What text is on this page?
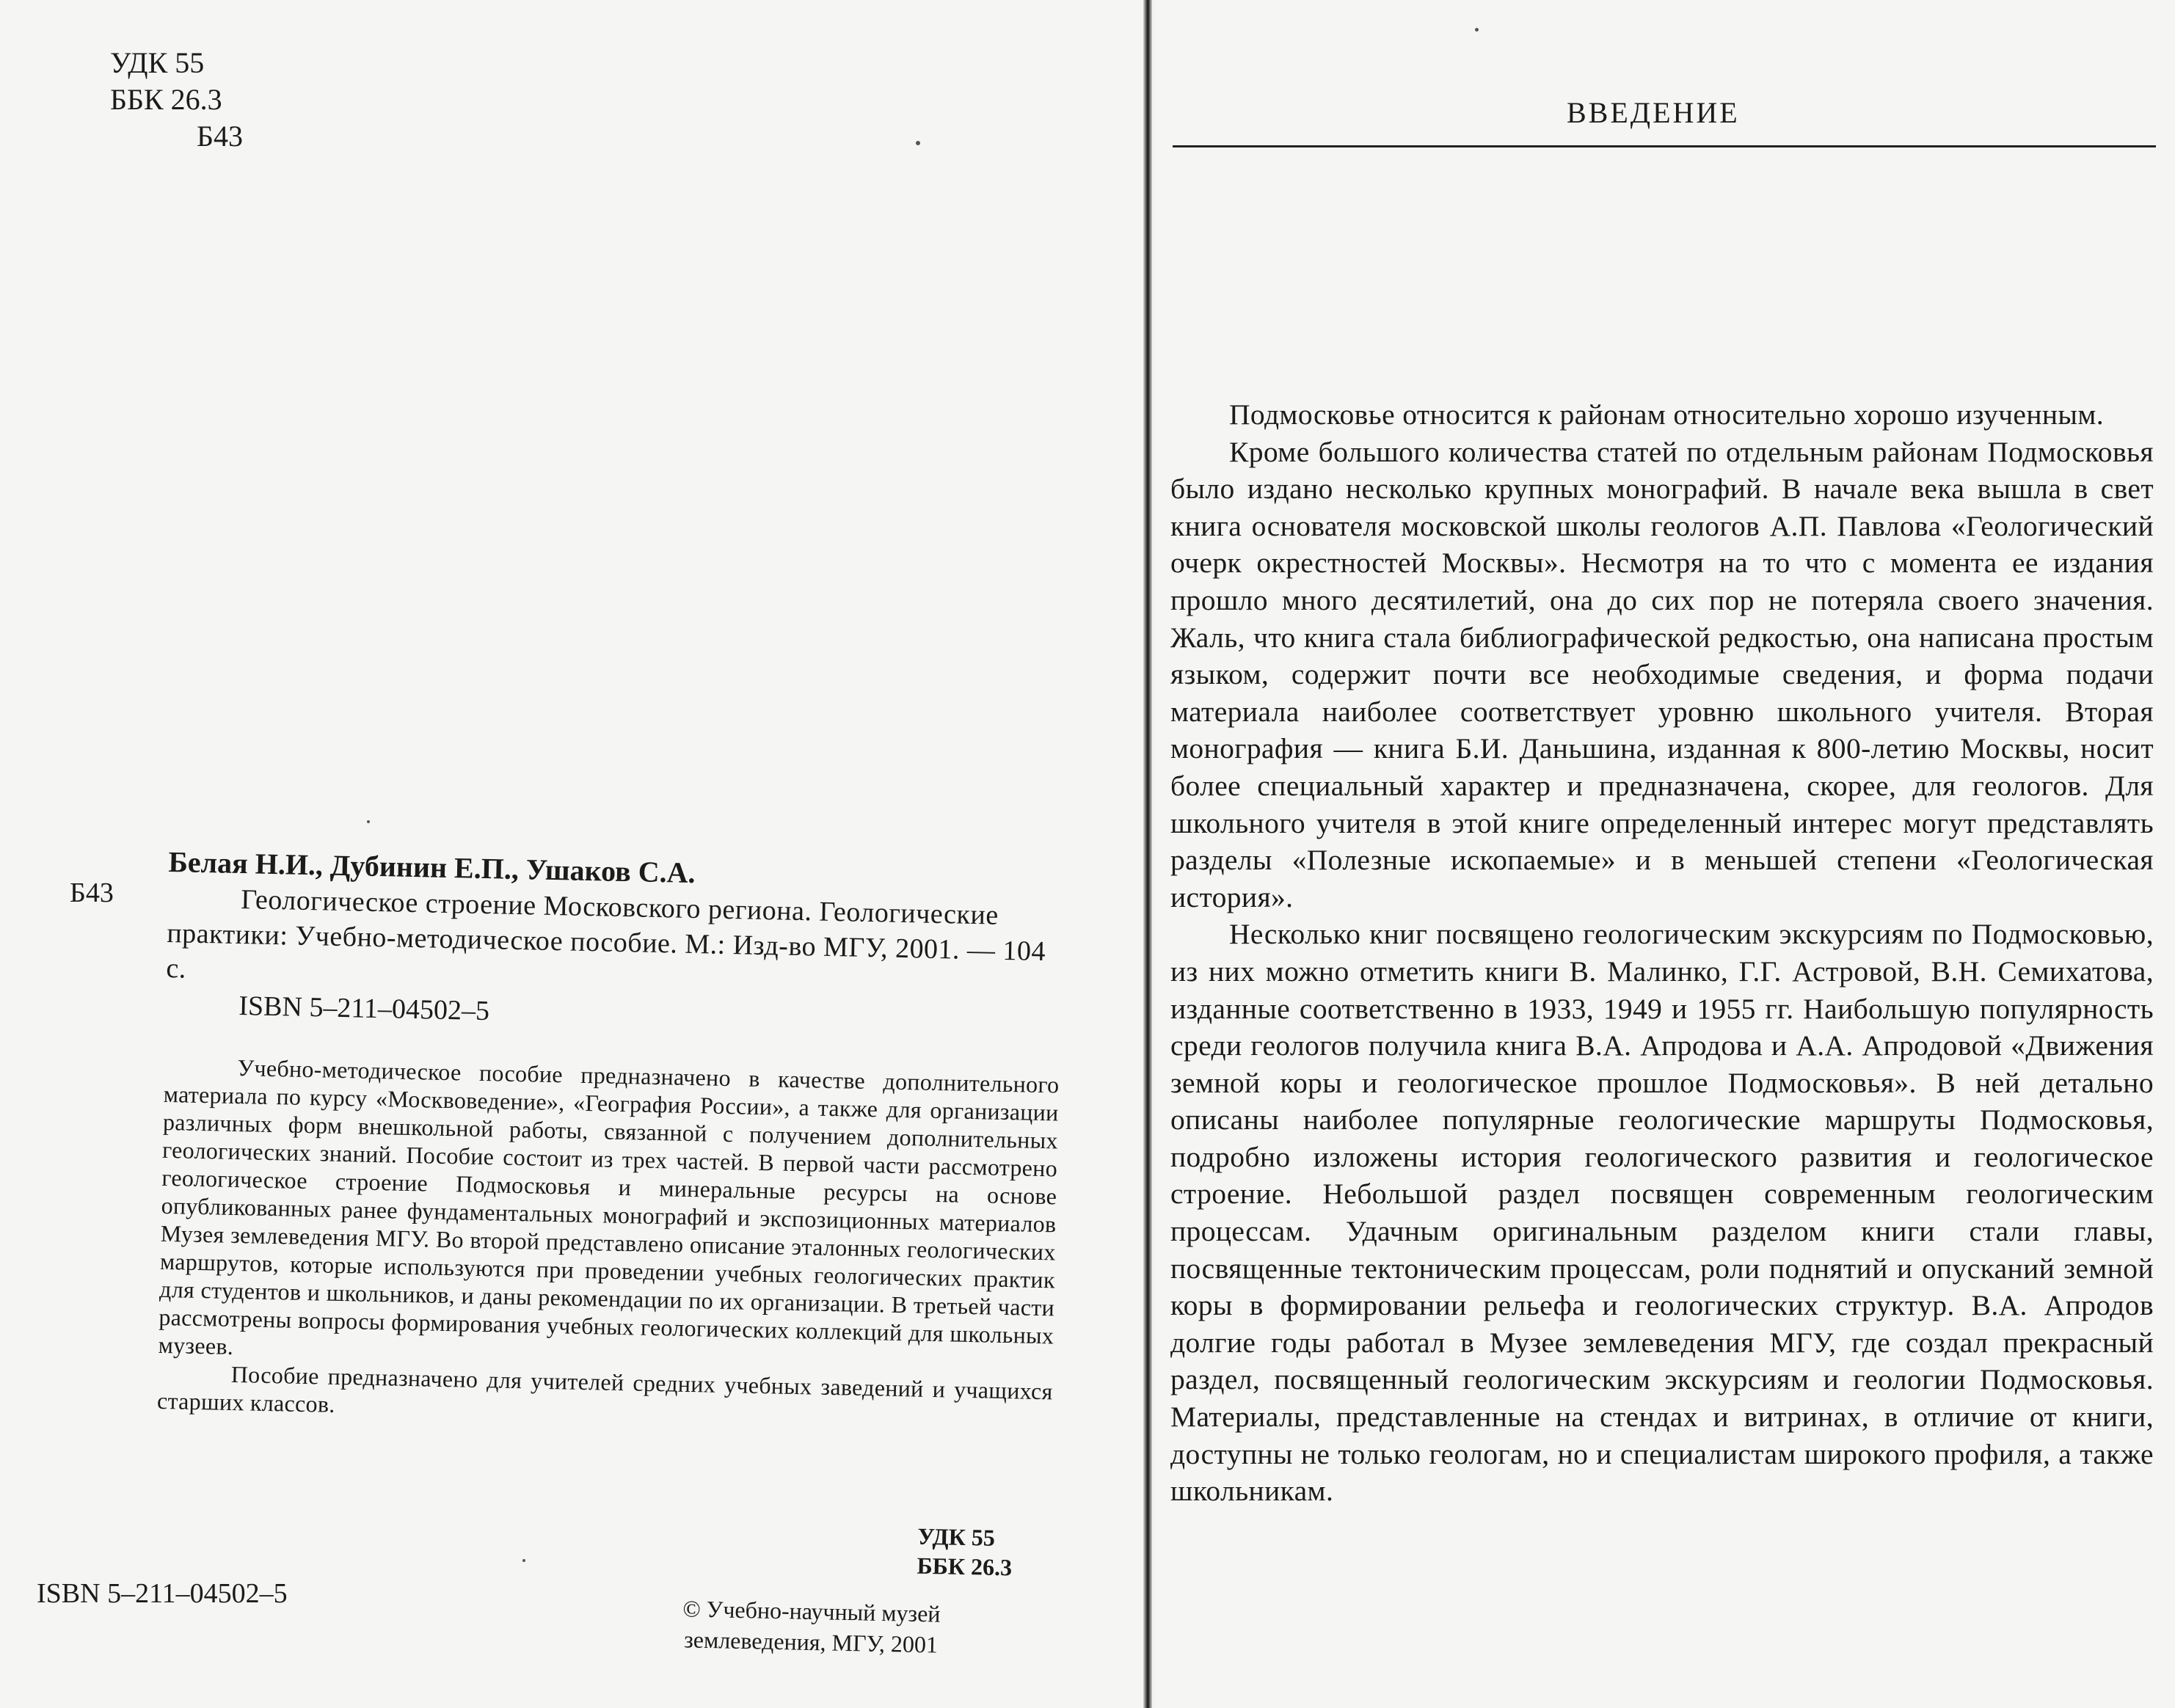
УДК 55
ББК 26.3
Б43
Б43

Белая Н.И., Дубинин Е.П., Ушаков С.А.

Геологическое строение Московского региона. Геологические практики: Учебно-методическое пособие. М.: Изд-во МГУ, 2001. — 104 с.

ISBN 5–211–04502–5

Учебно-методическое пособие предназначено в качестве дополнительного материала по курсу «Москвоведение», «География России», а также для организации различных форм внешкольной работы, связанной с получением дополнительных геологических знаний. Пособие состоит из трех частей. В первой части рассмотрено геологическое строение Подмосковья и минеральные ресурсы на основе опубликованных ранее фундаментальных монографий и экспозиционных материалов Музея землеведения МГУ. Во второй представлено описание эталонных геологических маршрутов, которые используются при проведении учебных геологических практик для студентов и школьников, и даны рекомендации по их организации. В третьей части рассмотрены вопросы формирования учебных геологических коллекций для школьных музеев.

Пособие предназначено для учителей средних учебных заведений и учащихся старших классов.

УДК 55
ББК 26.3
ISBN 5–211–04502–5
© Учебно-научный музей
землеведения, МГУ, 2001
ВВЕДЕНИЕ

Подмосковье относится к районам относительно хорошо изученным.

Кроме большого количества статей по отдельным районам Подмосковья было издано несколько крупных монографий. В начале века вышла в свет книга основателя московской школы геологов А.П. Павлова «Геологический очерк окрестностей Москвы». Несмотря на то что с момента ее издания прошло много десятилетий, она до сих пор не потеряла своего значения. Жаль, что книга стала библиографической редкостью, она написана простым языком, содержит почти все необходимые сведения, и форма подачи материала наиболее соответствует уровню школьного учителя. Вторая монография — книга Б.И. Даньшина, изданная к 800-летию Москвы, носит более специальный характер и предназначена, скорее, для геологов. Для школьного учителя в этой книге определенный интерес могут представлять разделы «Полезные ископаемые» и в меньшей степени «Геологическая история».

Несколько книг посвящено геологическим экскурсиям по Подмосковью, из них можно отметить книги В. Малинко, Г.Г. Астровой, В.Н. Семихатова, изданные соответственно в 1933, 1949 и 1955 гг. Наибольшую популярность среди геологов получила книга В.А. Апродова и А.А. Апродовой «Движения земной коры и геологическое прошлое Подмосковья». В ней детально описаны наиболее популярные геологические маршруты Подмосковья, подробно изложены история геологического развития и геологическое строение. Небольшой раздел посвящен современным геологическим процессам. Удачным оригинальным разделом книги стали главы, посвященные тектоническим процессам, роли поднятий и опусканий земной коры в формировании рельефа и геологических структур. В.А. Апродов долгие годы работал в Музее землеведения МГУ, где создал прекрасный раздел, посвященный геологическим экскурсиям и геологии Подмосковья. Материалы, представленные на стендах и витринах, в отличие от книги, доступны не только геологам, но и специалистам широкого профиля, а также школьникам.
